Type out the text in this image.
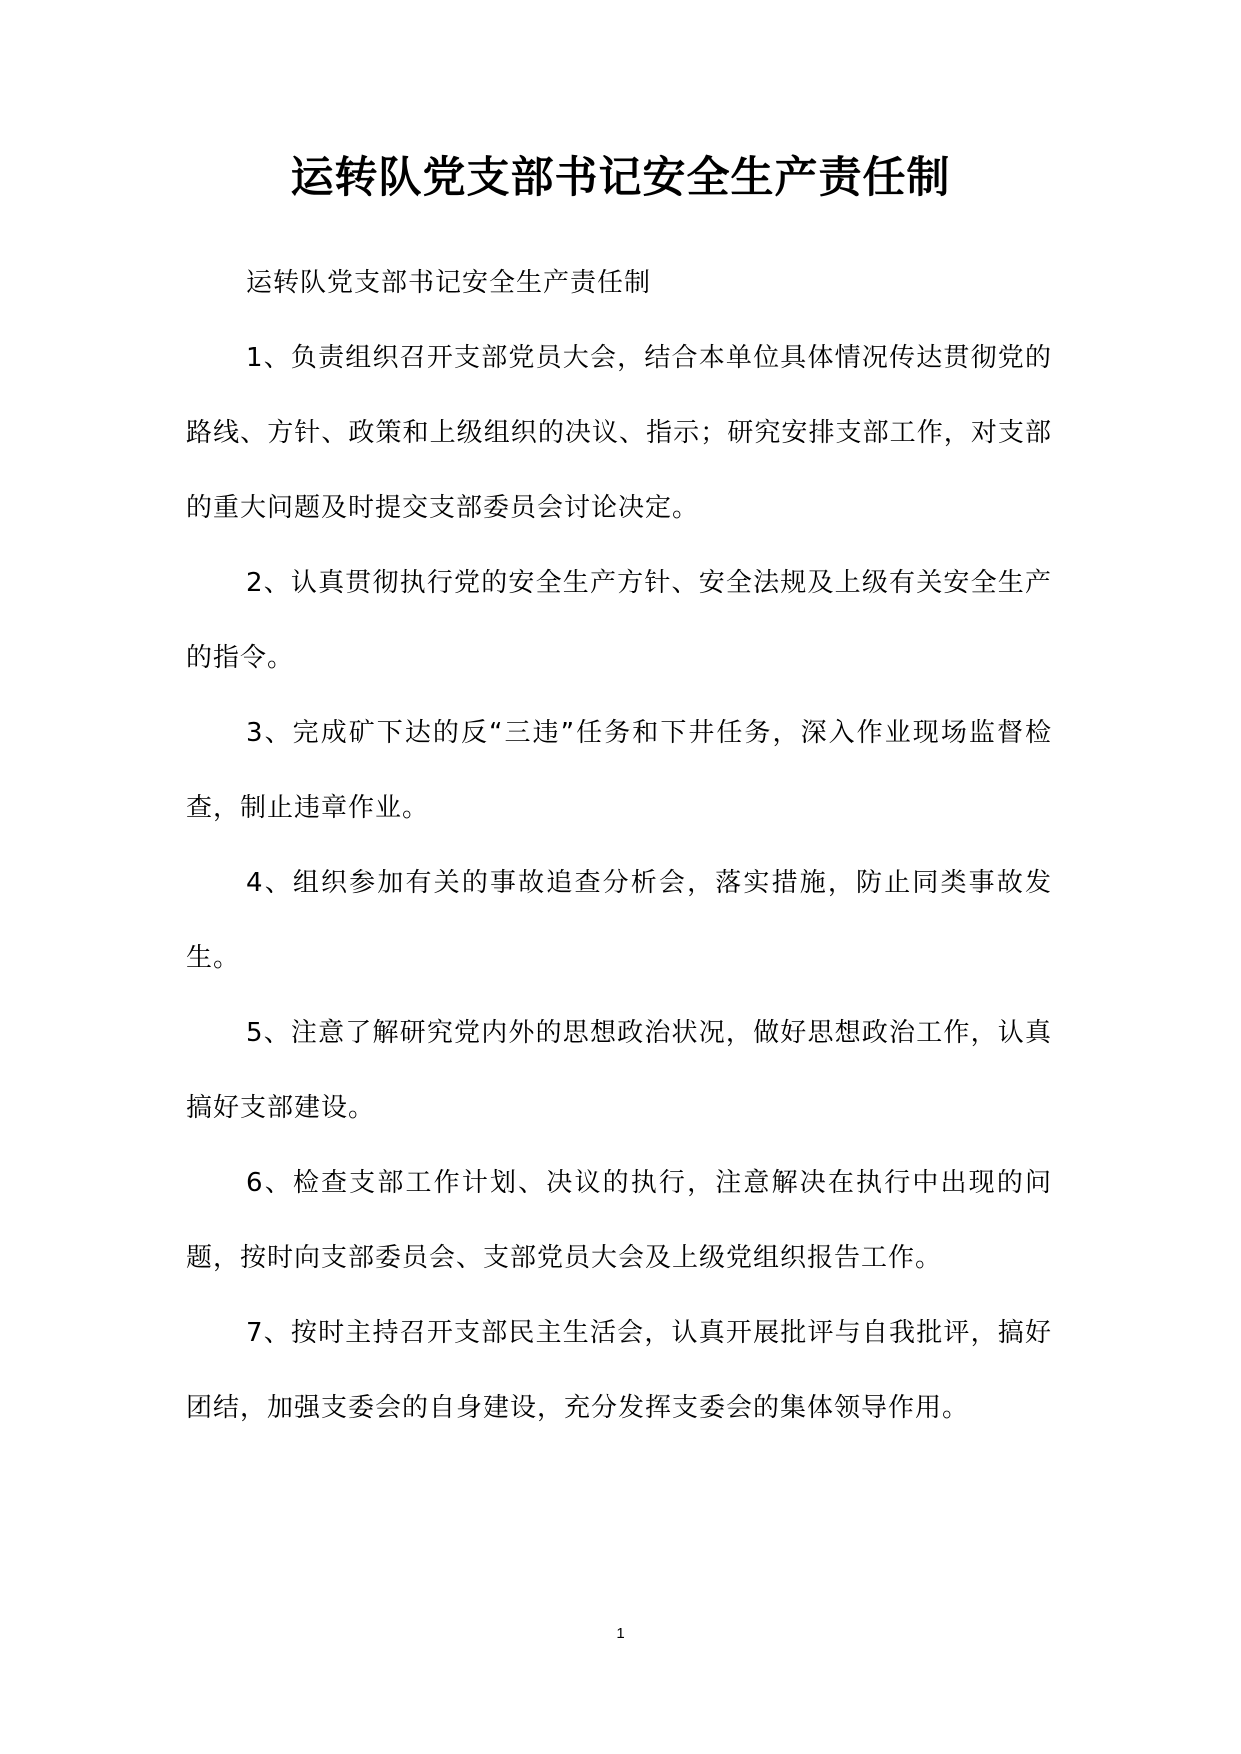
运转队党支部书记安全生产责任制

运转队党支部书记安全生产责任制

1、负责组织召开支部党员大会，结合本单位具体情况传达贯彻党的路线、方针、政策和上级组织的决议、指示；研究安排支部工作，对支部的重大问题及时提交支部委员会讨论决定。

2、认真贯彻执行党的安全生产方针、安全法规及上级有关安全生产的指令。

3、完成矿下达的反“三违”任务和下井任务，深入作业现场监督检查，制止违章作业。

4、组织参加有关的事故追查分析会，落实措施，防止同类事故发生。

5、注意了解研究党内外的思想政治状况，做好思想政治工作，认真搞好支部建设。

6、检查支部工作计划、决议的执行，注意解决在执行中出现的问题，按时向支部委员会、支部党员大会及上级党组织报告工作。

7、按时主持召开支部民主生活会，认真开展批评与自我批评，搞好团结，加强支委会的自身建设，充分发挥支委会的集体领导作用。

1
